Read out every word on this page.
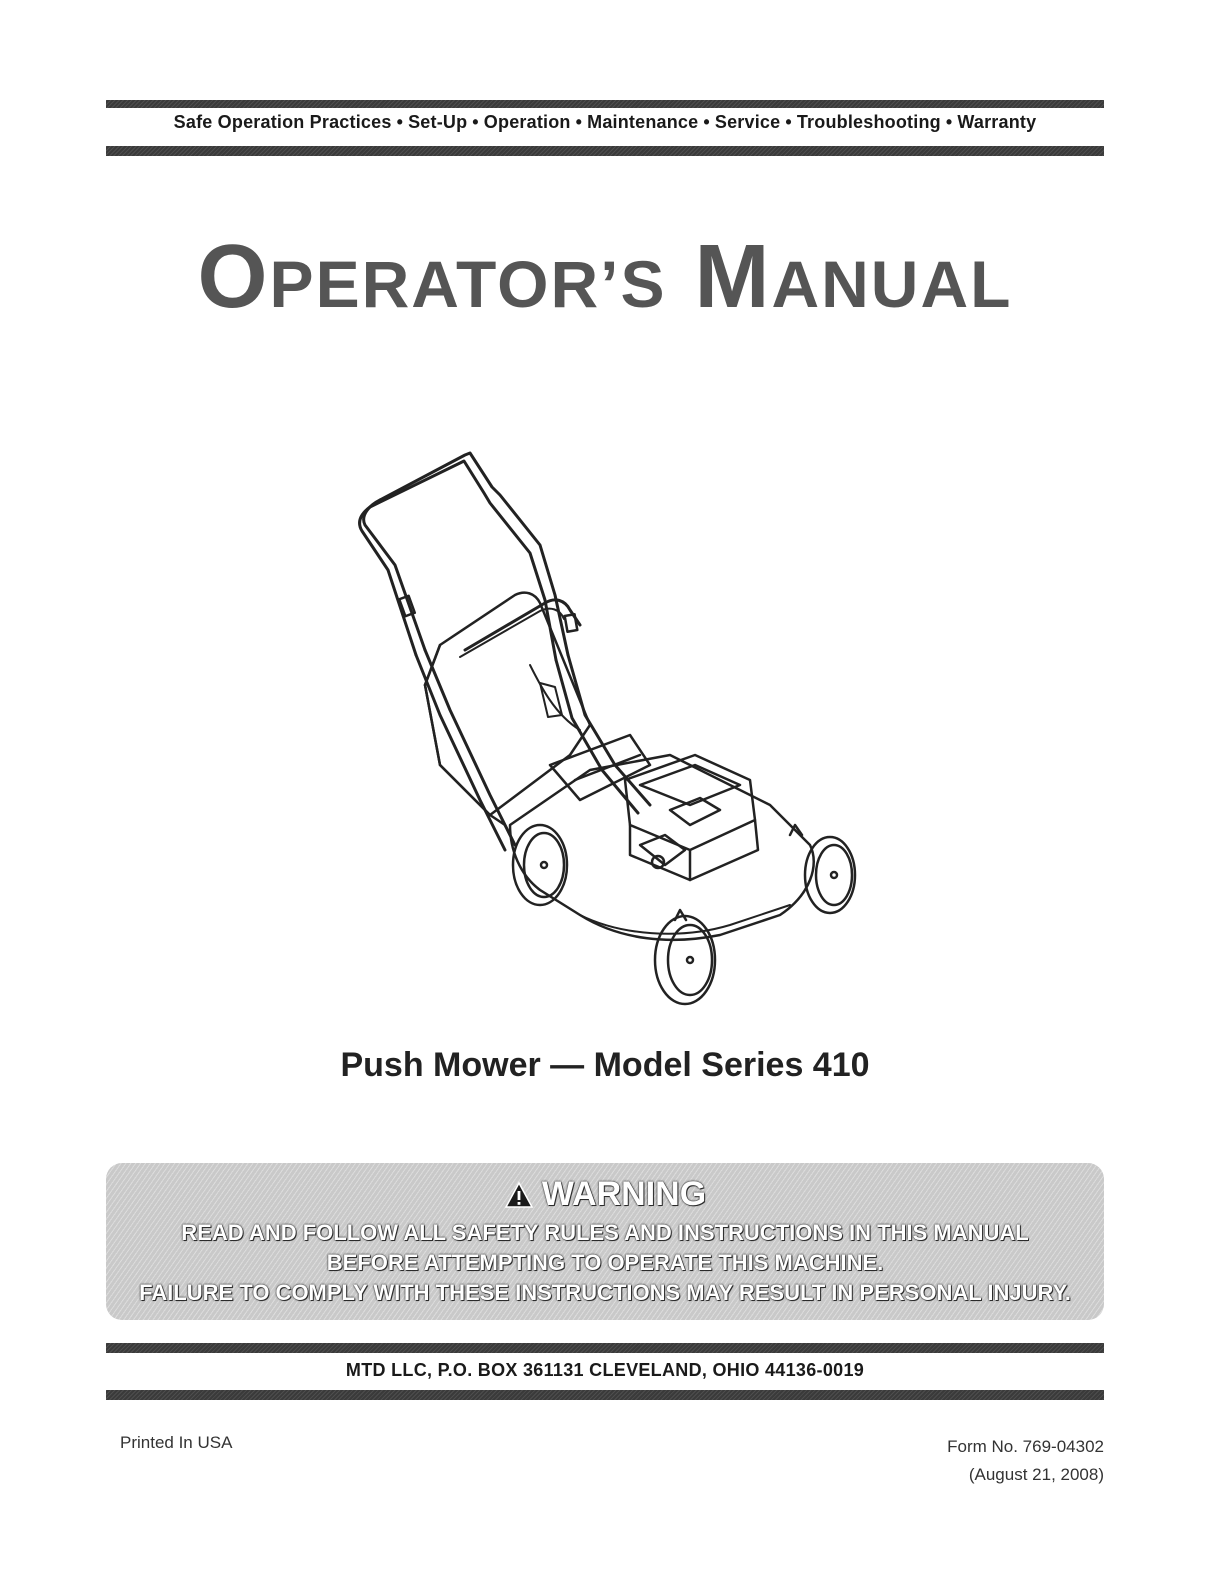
Safe Operation Practices • Set-Up • Operation • Maintenance • Service • Troubleshooting • Warranty
OPERATOR’S MANUAL
Push Mower — Model Series 410
WARNING
READ AND FOLLOW ALL SAFETY RULES AND INSTRUCTIONS IN THIS MANUAL
BEFORE ATTEMPTING TO OPERATE THIS MACHINE.
FAILURE TO COMPLY WITH THESE INSTRUCTIONS MAY RESULT IN PERSONAL INJURY.
MTD LLC, P.O. BOX 361131 CLEVELAND, OHIO 44136-0019
Printed In USA	Form No. 769-04302
(August 21, 2008)
